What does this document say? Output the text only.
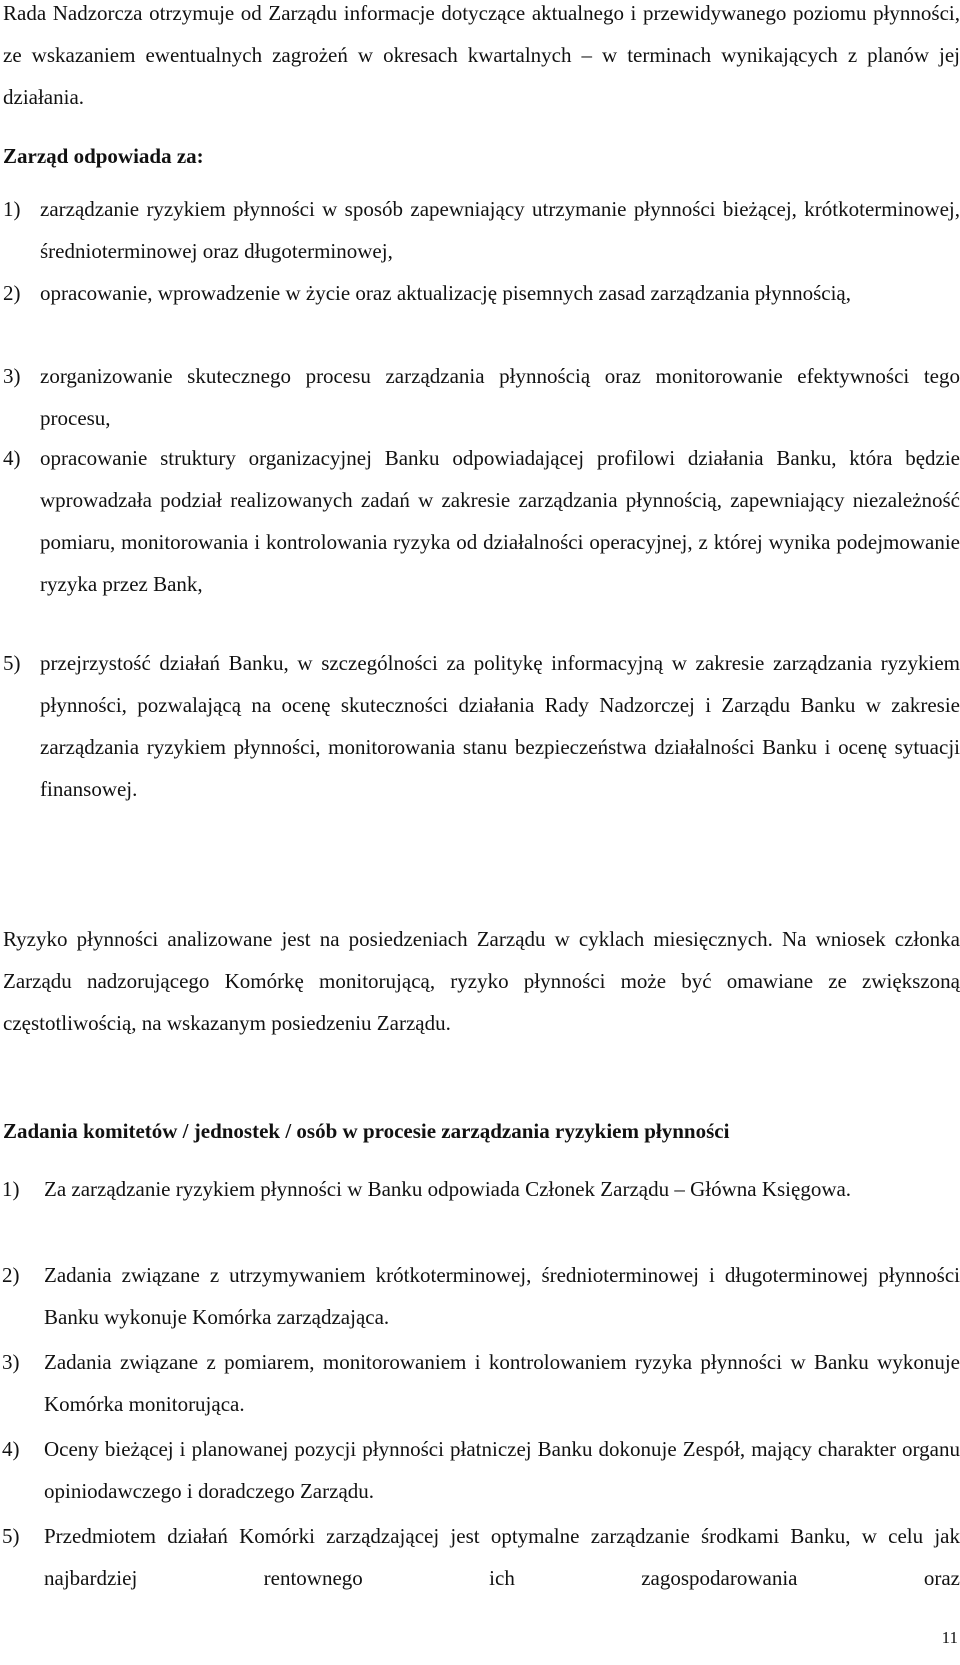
Rada Nadzorcza otrzymuje od Zarządu informacje dotyczące aktualnego i przewidywanego poziomu płynności, ze wskazaniem ewentualnych zagrożeń w okresach kwartalnych – w terminach wynikających z planów jej działania.

Zarząd odpowiada za:

1) zarządzanie ryzykiem płynności w sposób zapewniający utrzymanie płynności bieżącej, krótkoterminowej, średnioterminowej oraz długoterminowej,

2) opracowanie, wprowadzenie w życie oraz aktualizację pisemnych zasad zarządzania płynnością,

3) zorganizowanie skutecznego procesu zarządzania płynnością oraz monitorowanie efektywności tego procesu,

4) opracowanie struktury organizacyjnej Banku odpowiadającej profilowi działania Banku, która będzie wprowadzała podział realizowanych zadań w zakresie zarządzania płynnością, zapewniający niezależność pomiaru, monitorowania i kontrolowania ryzyka od działalności operacyjnej, z której wynika podejmowanie ryzyka przez Bank,

5) przejrzystość działań Banku, w szczególności za politykę informacyjną w zakresie zarządzania ryzykiem płynności, pozwalającą na ocenę skuteczności działania Rady Nadzorczej i Zarządu Banku w zakresie zarządzania ryzykiem płynności, monitorowania stanu bezpieczeństwa działalności Banku i ocenę sytuacji finansowej.

Ryzyko płynności analizowane jest na posiedzeniach Zarządu w cyklach miesięcznych. Na wniosek członka Zarządu nadzorującego Komórkę monitorującą, ryzyko płynności może być omawiane ze zwiększoną częstotliwością, na wskazanym posiedzeniu Zarządu.

Zadania komitetów / jednostek / osób w procesie zarządzania ryzykiem płynności

1) Za zarządzanie ryzykiem płynności w Banku odpowiada Członek Zarządu – Główna Księgowa.

2) Zadania związane z utrzymywaniem krótkoterminowej, średnioterminowej i długoterminowej płynności Banku wykonuje Komórka zarządzająca.

3) Zadania związane z pomiarem, monitorowaniem i kontrolowaniem ryzyka płynności w Banku wykonuje Komórka monitorująca.

4) Oceny bieżącej i planowanej pozycji płynności płatniczej Banku dokonuje Zespół, mający charakter organu opiniodawczego i doradczego Zarządu.

5) Przedmiotem działań Komórki zarządzającej jest optymalne zarządzanie środkami Banku, w celu jak najbardziej rentownego ich zagospodarowania oraz

11
